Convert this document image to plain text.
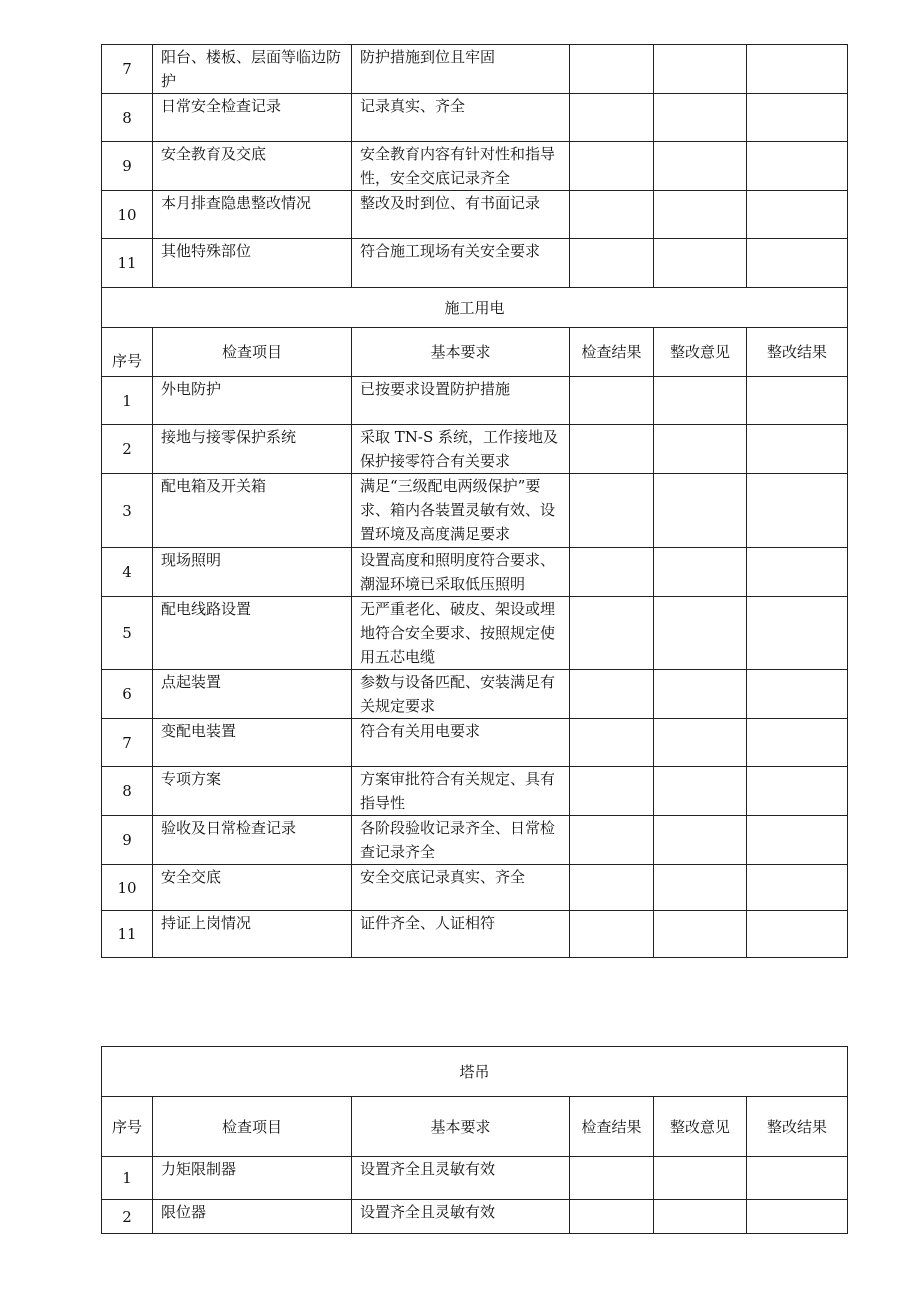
7	阳台、楼板、层面等临边防护	防护措施到位且牢固			
8	日常安全检查记录	记录真实、齐全			
9	安全教育及交底	安全教育内容有针对性和指导性，安全交底记录齐全			
10	本月排查隐患整改情况	整改及时到位、有书面记录			
11	其他特殊部位	符合施工现场有关安全要求			
施工用电					
序号	检查项目	基本要求	检查结果	整改意见	整改结果
1	外电防护	已按要求设置防护措施			
2	接地与接零保护系统	采取 TN-S 系统，工作接地及保护接零符合有关要求			
3	配电箱及开关箱	满足“三级配电两级保护”要求、箱内各装置灵敏有效、设置环境及高度满足要求			
4	现场照明	设置高度和照明度符合要求、潮湿环境已采取低压照明			
5	配电线路设置	无严重老化、破皮、架设或埋地符合安全要求、按照规定使用五芯电缆			
6	点起装置	参数与设备匹配、安装满足有关规定要求			
7	变配电装置	符合有关用电要求			
8	专项方案	方案审批符合有关规定、具有指导性			
9	验收及日常检查记录	各阶段验收记录齐全、日常检查记录齐全			
10	安全交底	安全交底记录真实、齐全			
11	持证上岗情况	证件齐全、人证相符			
塔吊					
序号	检查项目	基本要求	检查结果	整改意见	整改结果
1	力矩限制器	设置齐全且灵敏有效			
2	限位器	设置齐全且灵敏有效			
